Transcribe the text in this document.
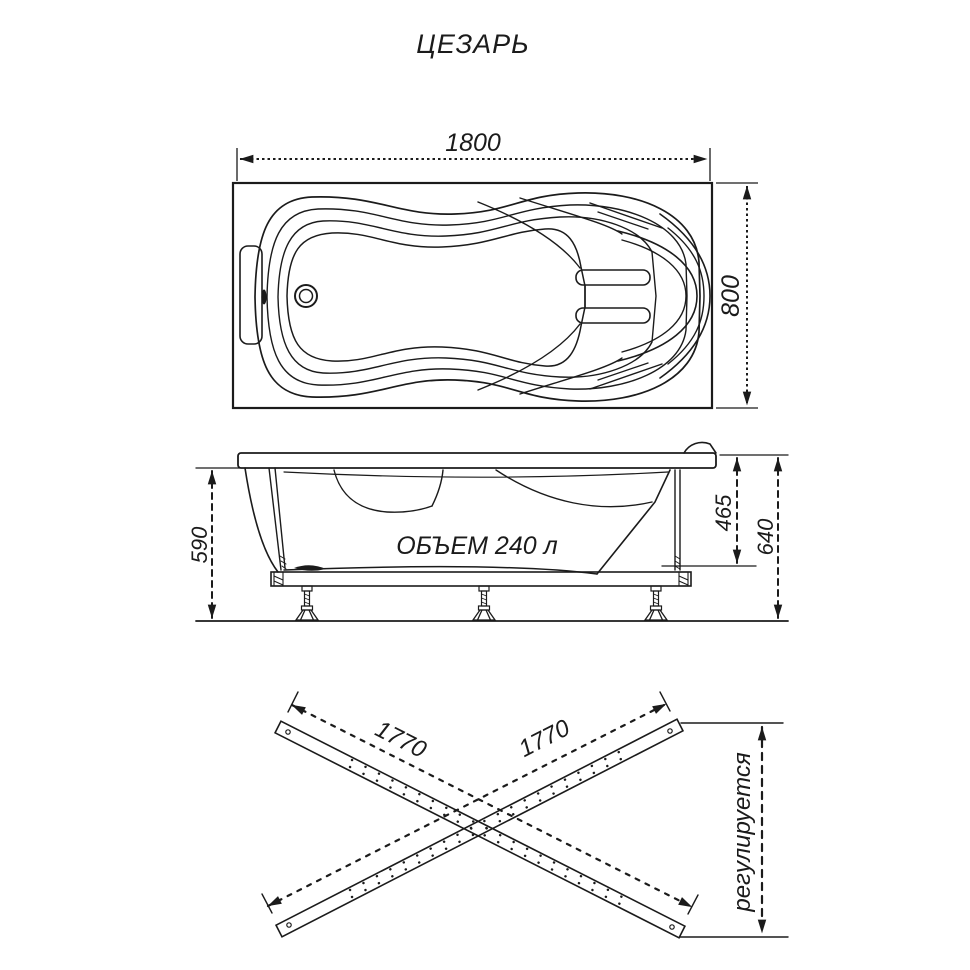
ЦЕЗАРЬ
1800
800
ОБЪЕМ 240 л
590
465
640
1770	1770
регулируется
